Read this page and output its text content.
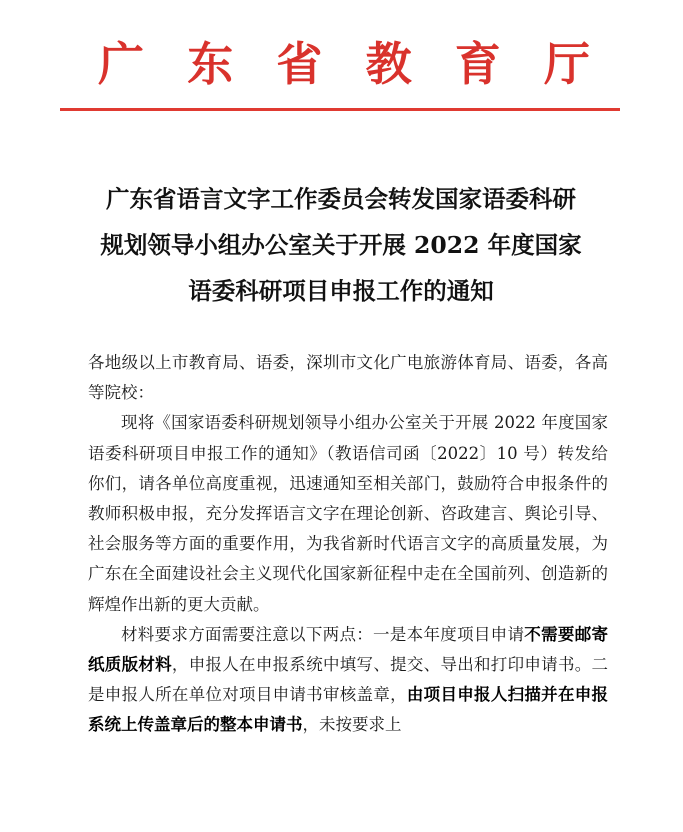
广 东 省 教 育 厅
广东省语言文字工作委员会转发国家语委科研
规划领导小组办公室关于开展 2022 年度国家
语委科研项目申报工作的通知

各地级以上市教育局、语委，深圳市文化广电旅游体育局、语委，各高等院校：

现将《国家语委科研规划领导小组办公室关于开展 2022 年度国家语委科研项目申报工作的通知》（教语信司函〔2022〕10 号）转发给你们，请各单位高度重视，迅速通知至相关部门，鼓励符合申报条件的教师积极申报，充分发挥语言文字在理论创新、咨政建言、舆论引导、社会服务等方面的重要作用，为我省新时代语言文字的高质量发展，为广东在全面建设社会主义现代化国家新征程中走在全国前列、创造新的辉煌作出新的更大贡献。

材料要求方面需要注意以下两点：一是本年度项目申请不需要邮寄纸质版材料，申报人在申报系统中填写、提交、导出和打印申请书。二是申报人所在单位对项目申请书审核盖章，由项目申报人扫描并在申报系统上传盖章后的整本申请书，未按要求上
